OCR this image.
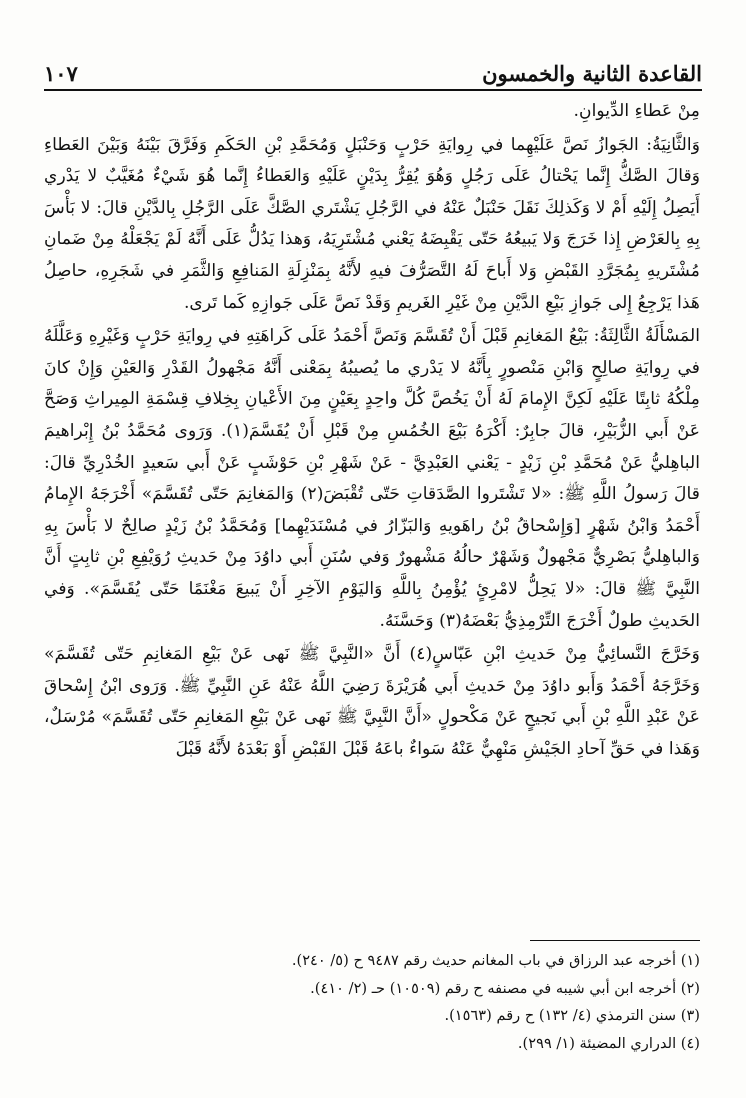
١٠٧	القاعدة الثانية والخمسون

مِنْ عَطاءِ الدِّيوانِ.

وَالثَّانِيَةُ: الجَوازُ نَصَّ عَلَيْهِما في رِوايَةِ حَرْبٍ وَحَنْبَلٍ وَمُحَمَّدِ بْنِ الحَكَمِ وَفَرَّقَ بَيْنَهُ وَبَيْنَ العَطاءِ وَقالَ الصَّكُّ إِنَّما يَحْتالُ عَلَى رَجُلٍ وَهُوَ يُقِرُّ بِدَيْنٍ عَلَيْهِ وَالعَطاءُ إِنَّما هُوَ شَيْءٌ مُغَيَّبٌ لا يَدْري أَيَصِلُ إِلَيْهِ أَمْ لا وَكَذلِكَ نَقَلَ حَنْبَلٌ عَنْهُ في الرَّجُلِ يَشْتَري الصَّكَّ عَلَى الرَّجُلِ بِالدَّيْنِ قالَ: لا بَأْسَ بِهِ بِالعَرْضِ إِذا خَرَجَ وَلا يَبيعُهُ حَتّى يَقْبِضَهُ يَعْني مُشْتَرِيَهُ، وَهذا يَدُلُّ عَلَى أَنَّهُ لَمْ يَجْعَلْهُ مِنْ ضَمانِ مُشْتَريهِ بِمُجَرَّدِ القَبْضِ وَلا أَباحَ لَهُ التَّصَرُّفَ فيهِ لأَنَّهُ بِمَنْزِلَةِ المَنافِعِ وَالثَّمَرِ في شَجَرِهِ، حاصِلُ هَذا يَرْجِعُ إِلى جَوازِ بَيْعِ الدَّيْنِ مِنْ غَيْرِ الغَريمِ وَقَدْ نَصَّ عَلَى جَوازِهِ كَما تَرى.

المَسْأَلَةُ الثَّالِثَةُ: بَيْعُ المَغانِمِ قَبْلَ أَنْ تُقَسَّمَ وَنَصَّ أَحْمَدُ عَلَى كَراهَتِهِ في رِوايَةِ حَرْبٍ وَغَيْرِهِ وَعَلَّلَهُ في رِوايَةِ صالِحٍ وَابْنِ مَنْصورٍ بِأَنَّهُ لا يَدْري ما يُصيبُهُ بِمَعْنى أَنَّهُ مَجْهولُ القَدْرِ وَالعَيْنِ وَإِنْ كانَ مِلْكُهُ ثابِتًا عَلَيْهِ لَكِنَّ الإِمامَ لَهُ أَنْ يَخُصَّ كُلَّ واحِدٍ بِعَيْنٍ مِنَ الأَعْيانِ بِخِلافِ قِسْمَةِ المِيراثِ وَصَحَّ عَنْ أَبي الزُّبَيْرِ، قالَ جابِرٌ: أَكْرَهُ بَيْعَ الخُمُسِ مِنْ قَبْلِ أَنْ يُقَسَّمَ(١). وَرَوى مُحَمَّدُ بْنُ إِبْراهيمَ الباهِليُّ عَنْ مُحَمَّدِ بْنِ زَيْدٍ - يَعْني العَبْدِيَّ - عَنْ شَهْرِ بْنِ حَوْشَبٍ عَنْ أَبي سَعيدٍ الخُدْرِيِّ قالَ: قالَ رَسولُ اللَّهِ ﷺ: «لا تَشْتَروا الصَّدَقاتِ حَتّى تُقْبَضَ(٢) وَالمَغانِمَ حَتّى تُقَسَّمَ» أَخْرَجَهُ الإِمامُ أَحْمَدُ وَابْنُ شَهْرٍ [وَإِسْحاقُ بْنُ راهَويهِ وَالبَزّارُ في مُسْنَدَيْهِما] وَمُحَمَّدُ بْنُ زَيْدٍ صالِحٌ لا بَأْسَ بِهِ وَالباهِليُّ بَصْرِيٌّ مَجْهولٌ وَشَهْرٌ حالُهُ مَشْهورٌ وَفي سُنَنِ أَبي داوُدَ مِنْ حَديثِ رُوَيْفِعِ بْنِ ثابِتٍ أَنَّ النَّبِيَّ ﷺ قالَ: «لا يَحِلُّ لامْرِئٍ يُؤْمِنُ بِاللَّهِ وَاليَوْمِ الآخِرِ أَنْ يَبيعَ مَغْنَمًا حَتّى يُقَسَّمَ». وَفي الحَديثِ طولٌ أَخْرَجَ التِّرْمِذِيُّ بَعْضَهُ(٣) وَحَسَّنَهُ.

وَخَرَّجَ النَّسائِيُّ مِنْ حَديثِ ابْنِ عَبّاسٍ(٤) أَنَّ «النَّبِيَّ ﷺ نَهى عَنْ بَيْعِ المَغانِمِ حَتّى تُقَسَّمَ» وَخَرَّجَهُ أَحْمَدُ وَأَبو داوُدَ مِنْ حَديثِ أَبي هُرَيْرَةَ رَضِيَ اللَّهُ عَنْهُ عَنِ النَّبِيِّ ﷺ. وَرَوى ابْنُ إِسْحاقَ عَنْ عَبْدِ اللَّهِ بْنِ أَبي نَجيحٍ عَنْ مَكْحولٍ «أَنَّ النَّبِيَّ ﷺ نَهى عَنْ بَيْعِ المَغانِمِ حَتّى تُقَسَّمَ» مُرْسَلٌ، وَهَذا في حَقِّ آحادِ الجَيْشِ مَنْهِيٌّ عَنْهُ سَواءٌ باعَهُ قَبْلَ القَبْضِ أَوْ بَعْدَهُ لأَنَّهُ قَبْلَ

(١) أخرجه عبد الرزاق في باب المغانم حديث رقم ٩٤٨٧ ح (٥/ ٢٤٠).
(٢) أخرجه ابن أبي شيبه في مصنفه ح رقم (١٠٥٠٩) حـ (٢/ ٤١٠).
(٣) سنن الترمذي (٤/ ١٣٢) ح رقم (١٥٦٣).
(٤) الدراري المضيئة (١/ ٢٩٩).
